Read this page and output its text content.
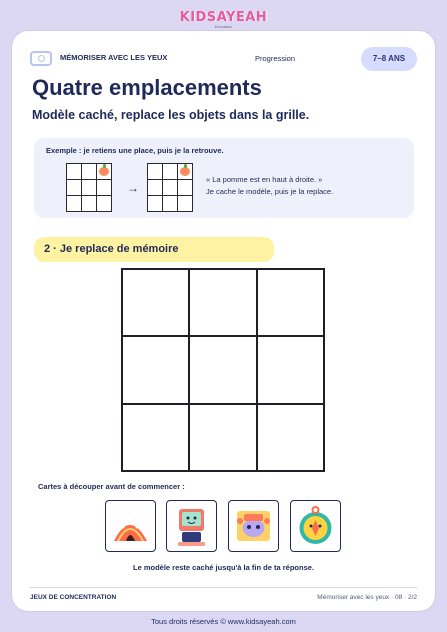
KIDSAYEAH
Education
MÉMORISER AVEC LES YEUX	Progression	7–8 ANS
Quatre emplacements
Modèle caché, replace les objets dans la grille.
Exemple : je retiens une place, puis je la retrouve.
→
« La pomme est en haut à droite. »
Je cache le modèle, puis je la replace.
2 · Je replace de mémoire
Cartes à découper avant de commencer :
Le modèle reste caché jusqu'à la fin de ta réponse.
JEUX DE CONCENTRATION	Mémoriser avec les yeux · 08 · 2/2
Tous droits réservés © www.kidsayeah.com
